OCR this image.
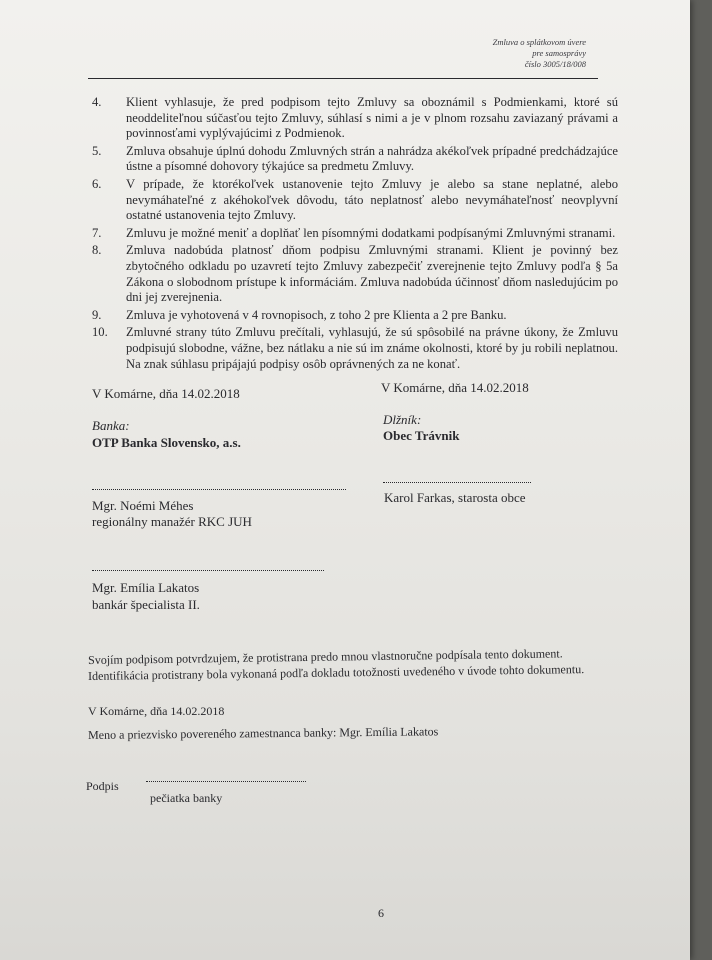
Zmluva o splátkovom úvere
pre samosprávy
číslo 3005/18/008
4.	Klient vyhlasuje, že pred podpisom tejto Zmluvy sa oboznámil s Podmienkami, ktoré sú neoddeliteľnou súčasťou tejto Zmluvy, súhlasí s nimi a je v plnom rozsahu zaviazaný právami a povinnosťami vyplývajúcimi z Podmienok.
5.	Zmluva obsahuje úplnú dohodu Zmluvných strán a nahrádza akékoľvek prípadné predchádzajúce ústne a písomné dohovory týkajúce sa predmetu Zmluvy.
6.	V prípade, že ktorékoľvek ustanovenie tejto Zmluvy je alebo sa stane neplatné, alebo nevymáhateľné z akéhokoľvek dôvodu, táto neplatnosť alebo nevymáhateľnosť neovplyvní ostatné ustanovenia tejto Zmluvy.
7.	Zmluvu je možné meniť a doplňať len písomnými dodatkami podpísanými Zmluvnými stranami.
8.	Zmluva nadobúda platnosť dňom podpisu Zmluvnými stranami. Klient je povinný bez zbytočného odkladu po uzavretí tejto Zmluvy zabezpečiť zverejnenie tejto Zmluvy podľa § 5a Zákona o slobodnom prístupe k informáciám. Zmluva nadobúda účinnosť dňom nasledujúcim po dni jej zverejnenia.
9.	Zmluva je vyhotovená v 4 rovnopisoch, z toho 2 pre Klienta a 2 pre Banku.
10.	Zmluvné strany túto Zmluvu prečítali, vyhlasujú, že sú spôsobilé na právne úkony, že Zmluvu podpisujú slobodne, vážne, bez nátlaku a nie sú im známe okolnosti, ktoré by ju robili neplatnou. Na znak súhlasu pripájajú podpisy osôb oprávnených za ne konať.
V Komárne, dňa 14.02.2018	V Komárne, dňa 14.02.2018
Banka:
OTP Banka Slovensko, a.s.
Dlžník:
Obec Trávnik
Karol Farkas, starosta obce
Mgr. Noémi Méhes
regionálny manažér RKC JUH
Mgr. Emília Lakatos
bankár špecialista II.
Svojím podpisom potvrdzujem, že protistrana predo mnou vlastnoručne podpísala tento dokument.
Identifikácia protistrany bola vykonaná podľa dokladu totožnosti uvedeného v úvode tohto dokumentu.
V Komárne, dňa 14.02.2018
Meno a priezvisko povereného zamestnanca banky: Mgr. Emília Lakatos
Podpis
pečiatka banky
6
